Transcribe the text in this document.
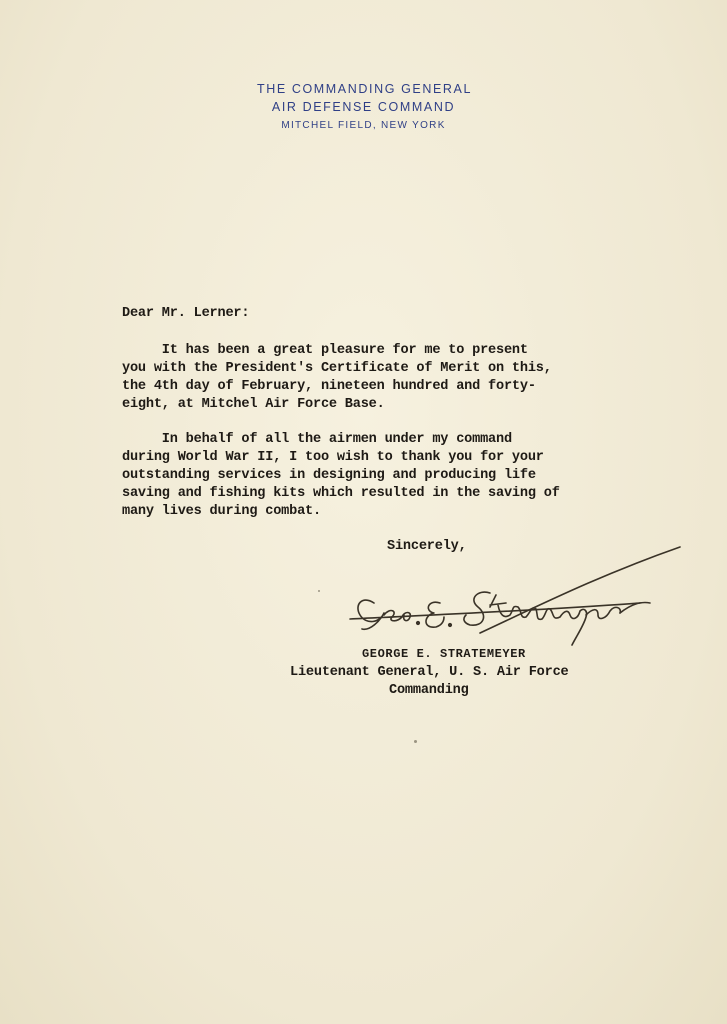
THE COMMANDING GENERAL
AIR DEFENSE COMMAND
MITCHEL FIELD, NEW YORK
Dear Mr. Lerner:
It has been a great pleasure for me to present
you with the President's Certificate of Merit on this,
the 4th day of February, nineteen hundred and forty-
eight, at Mitchel Air Force Base.
In behalf of all the airmen under my command
during World War II, I too wish to thank you for your
outstanding services in designing and producing life
saving and fishing kits which resulted in the saving of
many lives during combat.
Sincerely,
GEORGE E. STRATEMEYER
Lieutenant General, U. S. Air Force
Commanding
